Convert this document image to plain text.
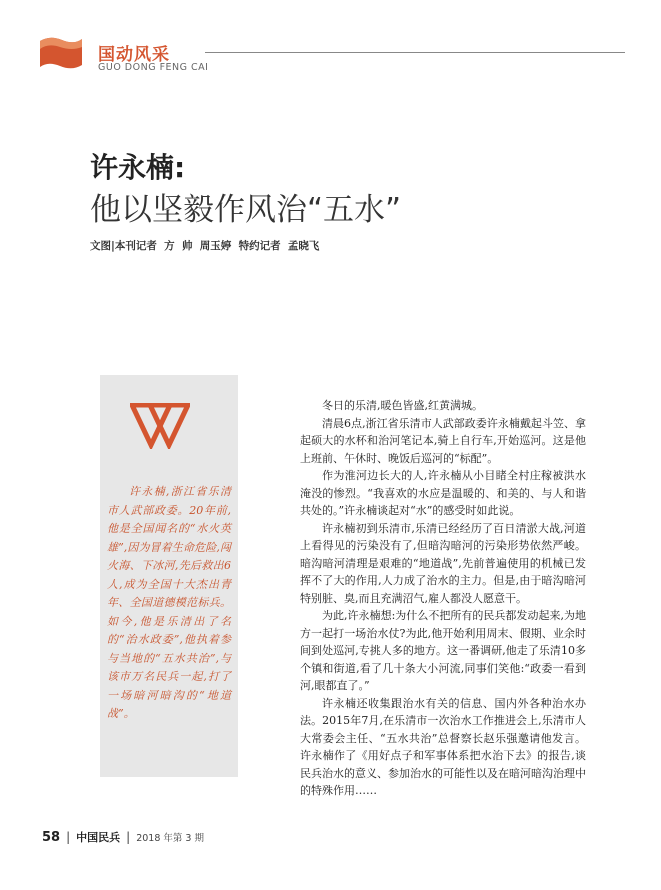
国动风采
GUO DONG FENG CAI
许永楠:
他以坚毅作风治“五水”
文图|本刊记者  方  帅  周玉婷  特约记者  孟晓飞
许永楠,浙江省乐清市人武部政委。20年前,他是全国闻名的“水火英雄”,因为冒着生命危险,闯火海、下冰河,先后救出6人,成为全国十大杰出青年、全国道德模范标兵。如今,他是乐清出了名的“治水政委”,他执着参与当地的“五水共治”,与该市万名民兵一起,打了一场暗河暗沟的“地道战”。

冬日的乐清,暖色皆盛,红黄满城。

清晨6点,浙江省乐清市人武部政委许永楠戴起斗笠、拿起硕大的水杯和治河笔记本,骑上自行车,开始巡河。这是他上班前、午休时、晚饭后巡河的“标配”。

作为淮河边长大的人,许永楠从小目睹全村庄稼被洪水淹没的惨烈。“我喜欢的水应是温暖的、和美的、与人和谐共处的。”许永楠谈起对“水”的感受时如此说。

许永楠初到乐清市,乐清已经经历了百日清淤大战,河道上看得见的污染没有了,但暗沟暗河的污染形势依然严峻。暗沟暗河清理是艰难的“地道战”,先前普遍使用的机械已发挥不了大的作用,人力成了治水的主力。但是,由于暗沟暗河特别脏、臭,而且充满沼气,雇人都没人愿意干。

为此,许永楠想:为什么不把所有的民兵都发动起来,为地方一起打一场治水仗?为此,他开始利用周末、假期、业余时间到处巡河,专挑人多的地方。这一番调研,他走了乐清10多个镇和街道,看了几十条大小河流,同事们笑他:“政委一看到河,眼都直了。”

许永楠还收集跟治水有关的信息、国内外各种治水办法。2015年7月,在乐清市一次治水工作推进会上,乐清市人大常委会主任、“五水共治”总督察长赵乐强邀请他发言。许永楠作了《用好点子和军事体系把水治下去》的报告,谈民兵治水的意义、参加治水的可能性以及在暗河暗沟治理中的特殊作用……

58 | 中国民兵 | 2018 年第 3 期
